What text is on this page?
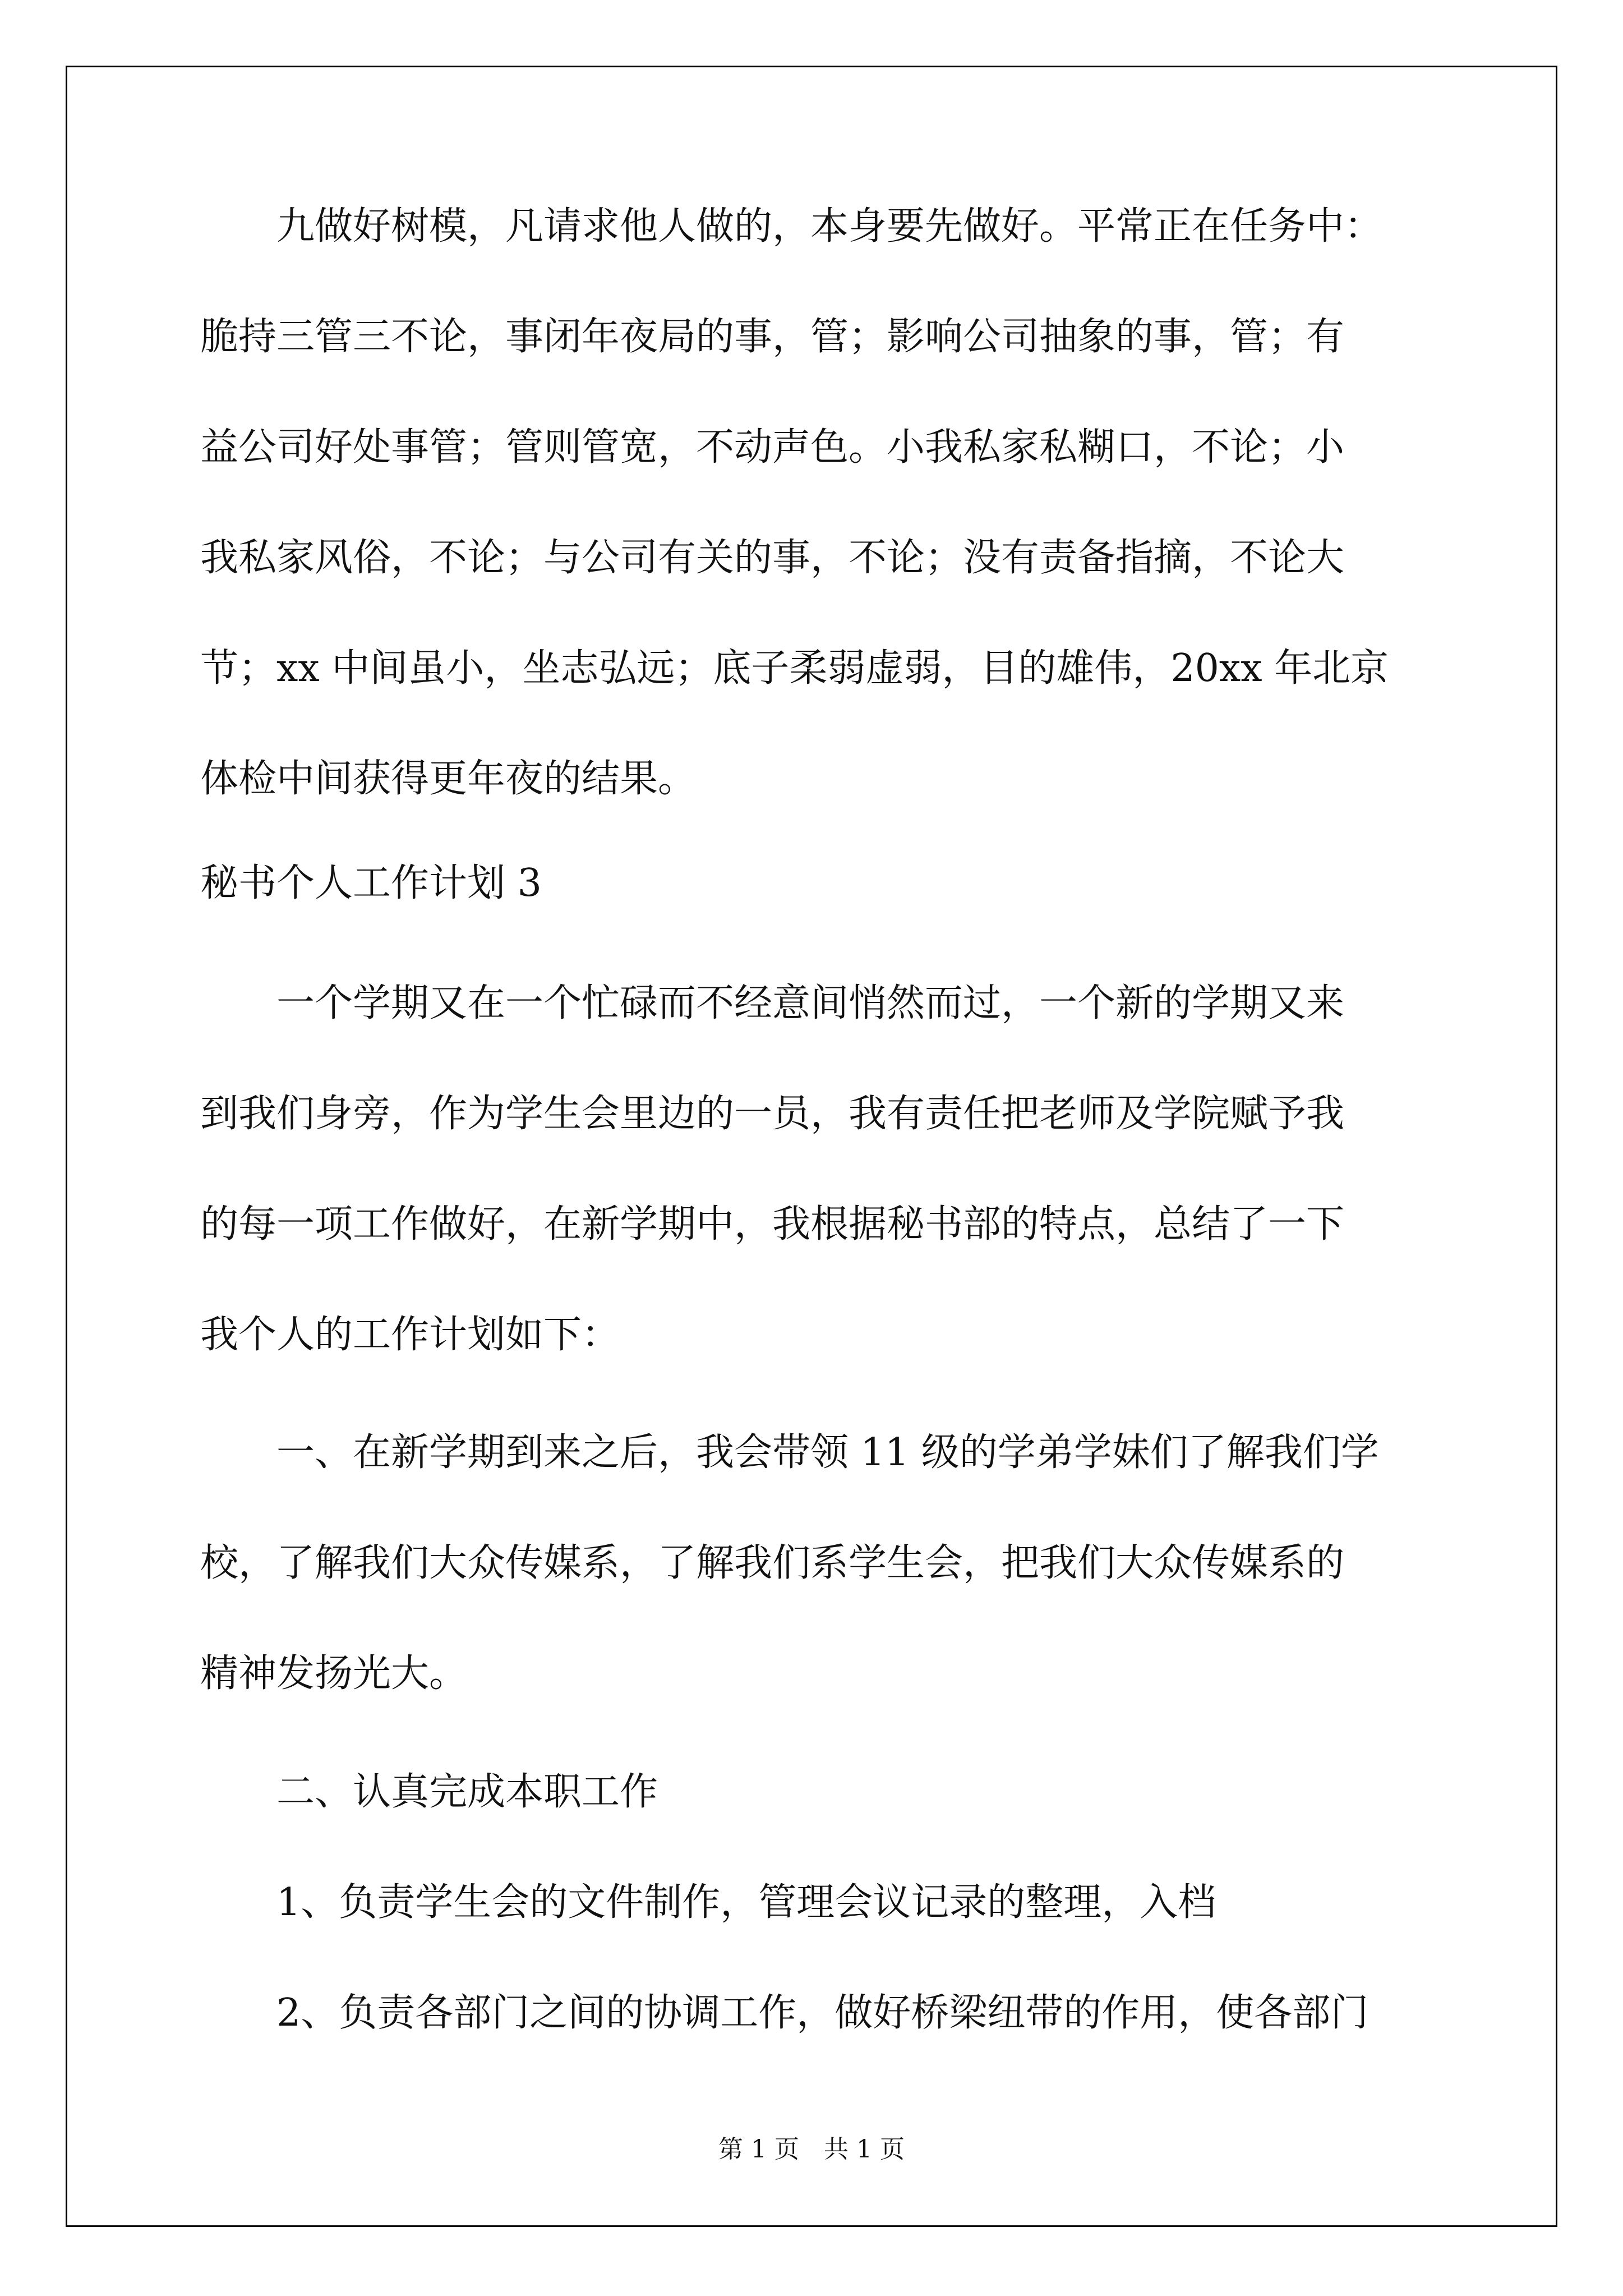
　　九做好树模，凡请求他人做的，本身要先做好。平常正在任务中：

脆持三管三不论，事闭年夜局的事，管；影响公司抽象的事，管；有

益公司好处事管；管则管宽，不动声色。小我私家私糊口，不论；小

我私家风俗，不论；与公司有关的事，不论；没有责备指摘，不论大

节；xx 中间虽小，坐志弘远；底子柔弱虚弱，目的雄伟，20xx 年北京

体检中间获得更年夜的结果。

秘书个人工作计划 3

　　一个学期又在一个忙碌而不经意间悄然而过，一个新的学期又来

到我们身旁，作为学生会里边的一员，我有责任把老师及学院赋予我

的每一项工作做好，在新学期中，我根据秘书部的特点，总结了一下

我个人的工作计划如下：

　　一、在新学期到来之后，我会带领 11 级的学弟学妹们了解我们学

校，了解我们大众传媒系，了解我们系学生会，把我们大众传媒系的

精神发扬光大。

　　二、认真完成本职工作

　　1、负责学生会的文件制作，管理会议记录的整理，入档

　　2、负责各部门之间的协调工作，做好桥梁纽带的作用，使各部门

第 1 页　共 1 页
